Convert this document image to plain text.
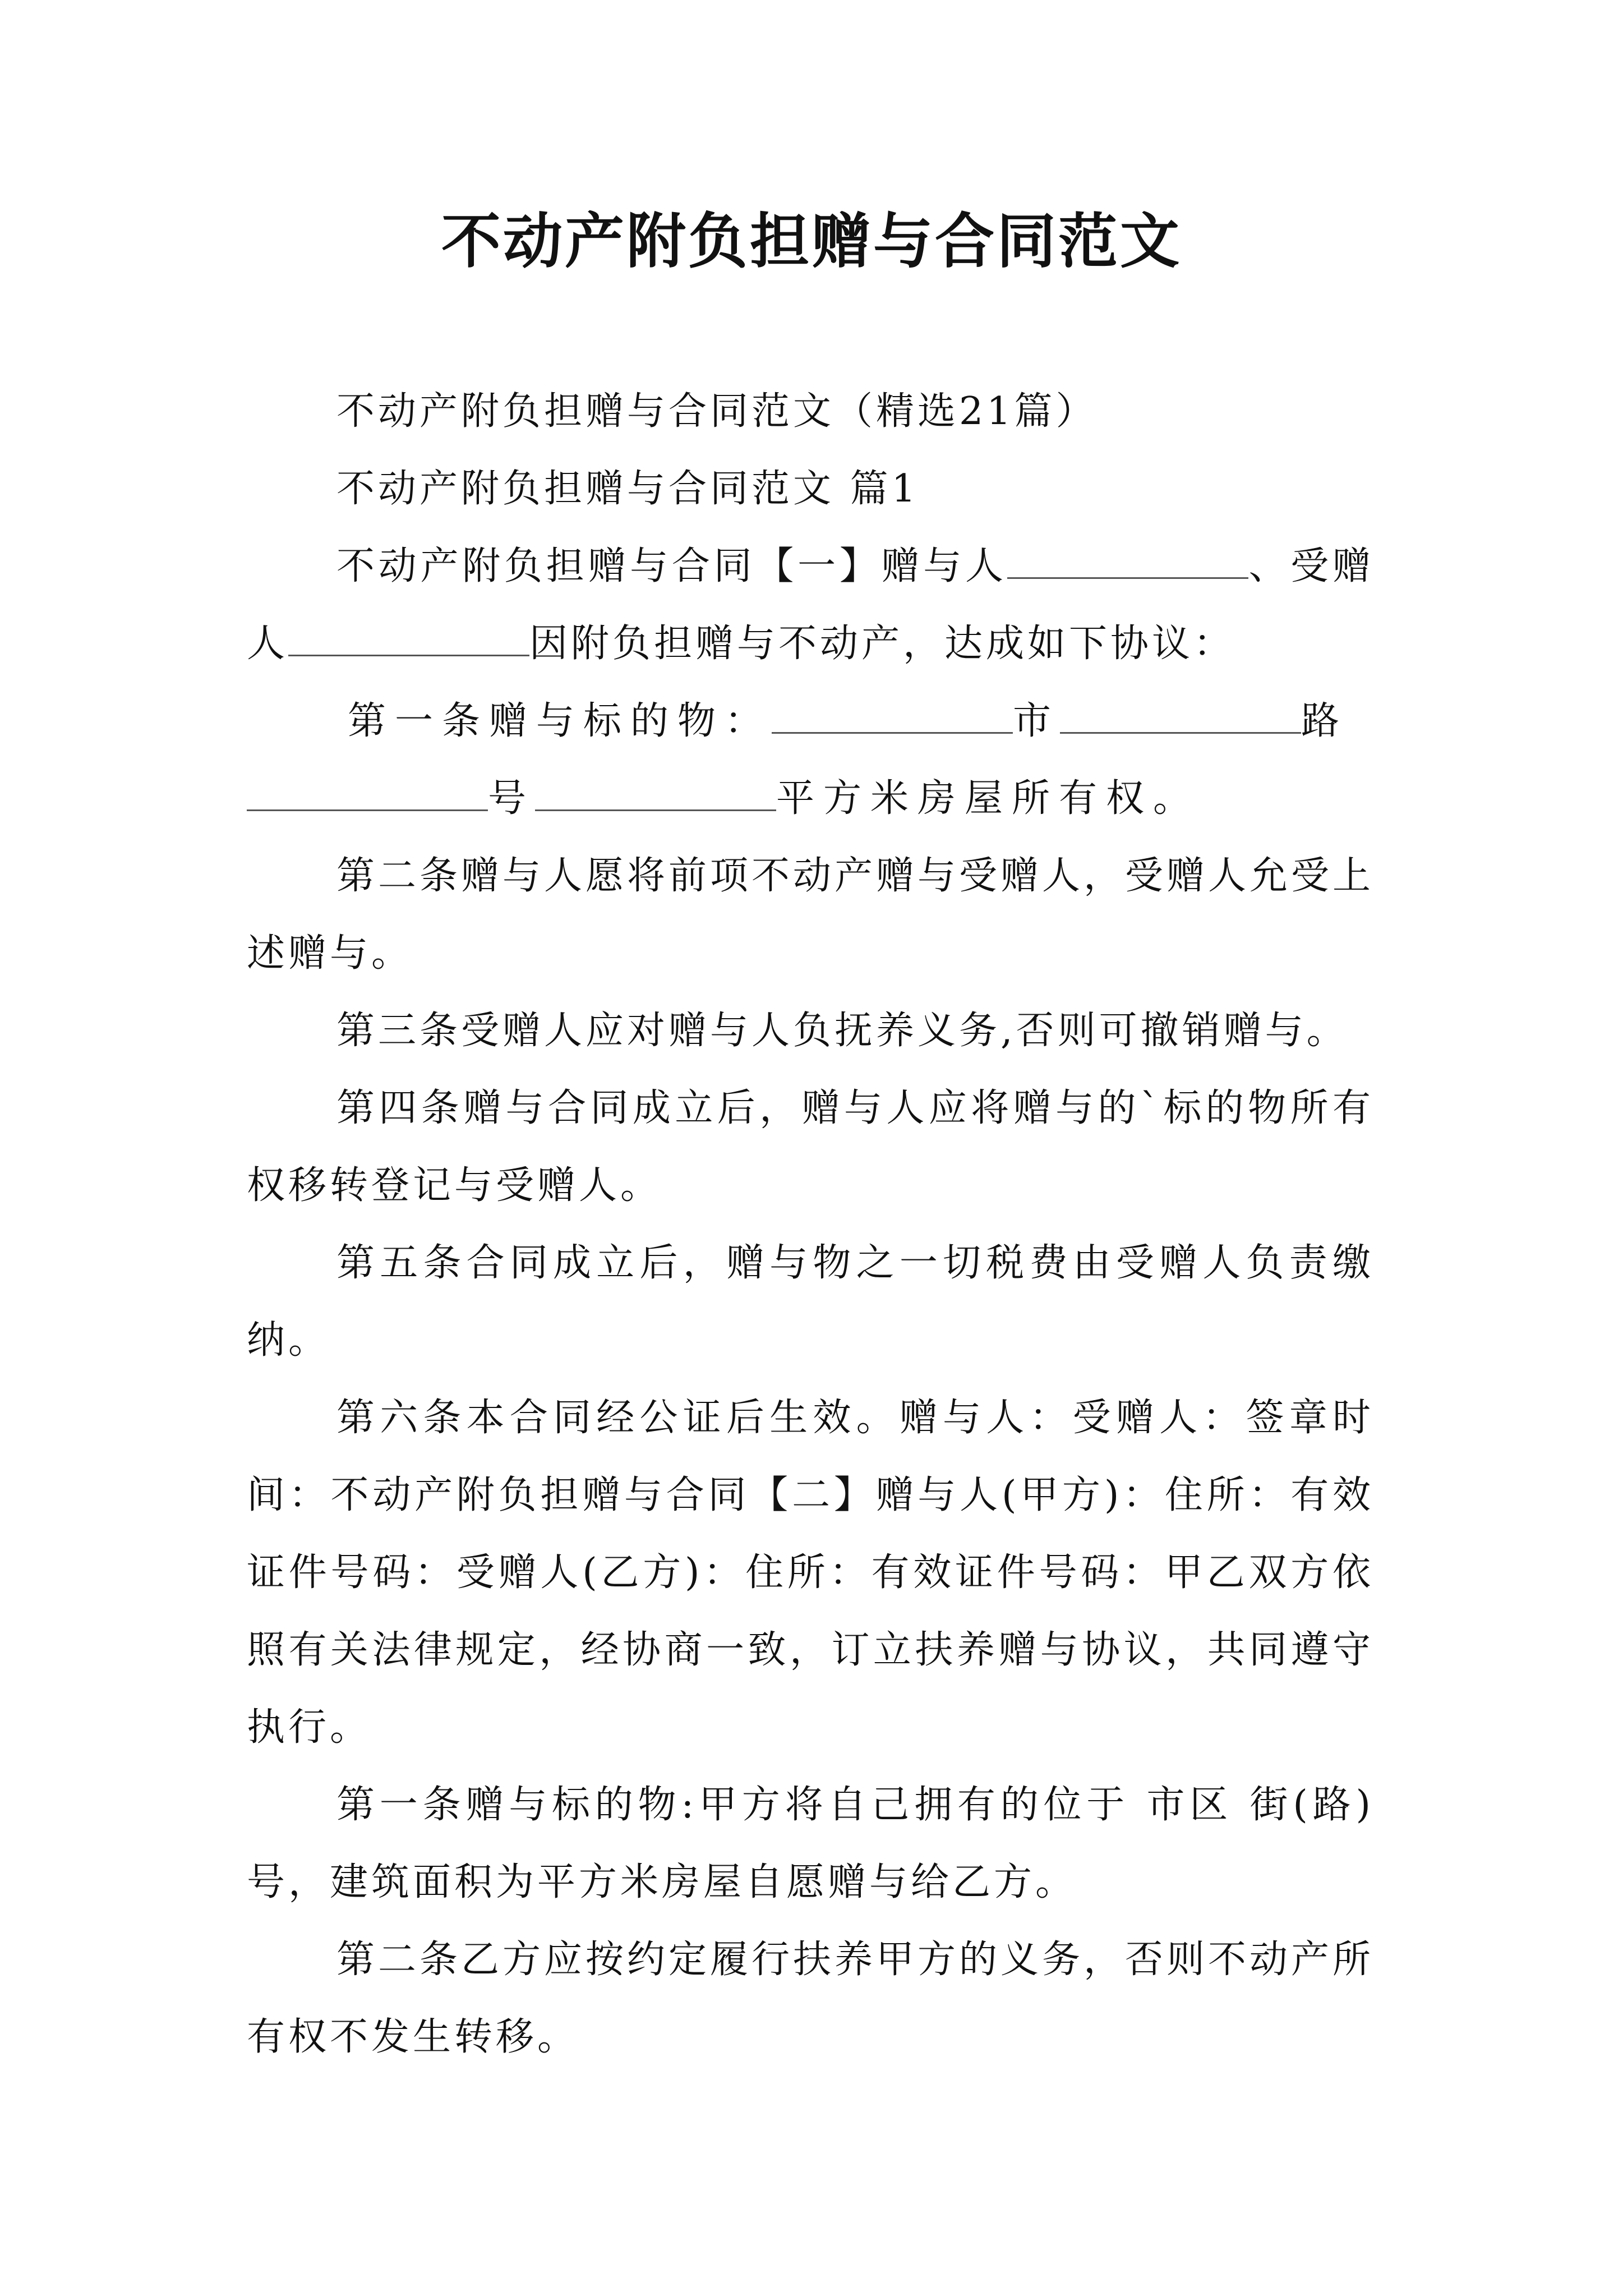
不动产附负担赠与合同范文

不动产附负担赠与合同范文（精选21篇）

不动产附负担赠与合同范文 篇1

不动产附负担赠与合同【一】赠与人	、受赠人	因附负担赠与不动产，达成如下协议：

第一条赠与标的物：	市	路
号	平方米房屋所有权。

第二条赠与人愿将前项不动产赠与受赠人，受赠人允受上述赠与。

第三条受赠人应对赠与人负抚养义务,否则可撤销赠与。

第四条赠与合同成立后，赠与人应将赠与的`标的物所有权移转登记与受赠人。

第五条合同成立后，赠与物之一切税费由受赠人负责缴纳。

第六条本合同经公证后生效。赠与人：受赠人：签章时间：不动产附负担赠与合同【二】赠与人(甲方)：住所：有效证件号码：受赠人(乙方)：住所：有效证件号码：甲乙双方依照有关法律规定，经协商一致，订立扶养赠与协议，共同遵守执行。

第一条赠与标的物:甲方将自己拥有的位于 市区 街(路)号，建筑面积为平方米房屋自愿赠与给乙方。

第二条乙方应按约定履行扶养甲方的义务，否则不动产所有权不发生转移。
